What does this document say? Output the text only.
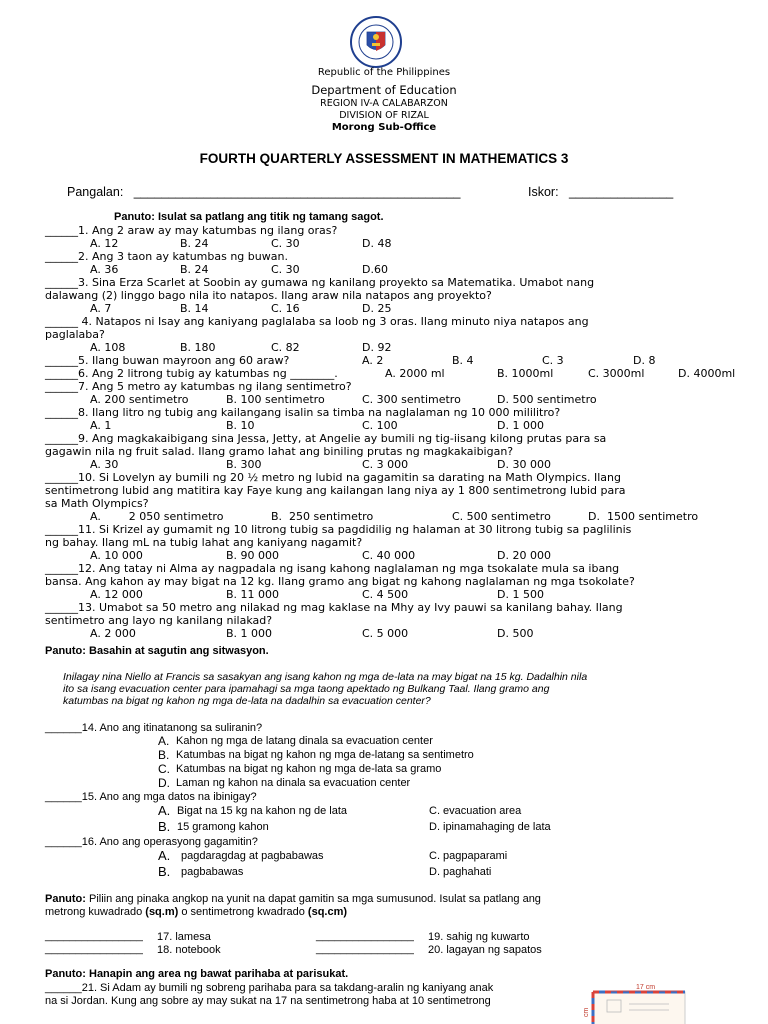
Republic of the Philippines
Department of Education
REGION IV-A CALABARZON
DIVISION OF RIZAL
Morong Sub-Office
FOURTH QUARTERLY ASSESSMENT IN MATHEMATICS 3
Pangalan: _______________________________________________	Iskor: _______________
Panuto: Isulat sa patlang ang titik ng tamang sagot.
______1. Ang 2 araw ay may katumbas ng ilang oras?
A. 12	B. 24	C. 30	D. 48
______2. Ang 3 taon ay katumbas ng buwan.
A. 36	B. 24	C. 30	D.60
______3. Sina Erza Scarlet at Soobin ay gumawa ng kanilang proyekto sa Matematika. Umabot nang
dalawang (2) linggo bago nila ito natapos. Ilang araw nila natapos ang proyekto?
A. 7	B. 14	C. 16	D. 25
______ 4. Natapos ni Isay ang kaniyang paglalaba sa loob ng 3 oras. Ilang minuto niya natapos ang
paglalaba?
A. 108	B. 180	C. 82	D. 92
______5. Ilang buwan mayroon ang 60 araw?	A. 2	B. 4	C. 3	D. 8
______6. Ang 2 litrong tubig ay katumbas ng ________.	A. 2000 ml	B. 1000ml	C. 3000ml	D. 4000ml
______7. Ang 5 metro ay katumbas ng ilang sentimetro?
A. 200 sentimetro	B. 100 sentimetro	C. 300 sentimetro	D. 500 sentimetro
______8. Ilang litro ng tubig ang kailangang isalin sa timba na naglalaman ng 10 000 mililitro?
A. 1	B. 10	C. 100	D. 1 000
______9. Ang magkakaibigang sina Jessa, Jetty, at Angelie ay bumili ng tig-iisang kilong prutas para sa
gagawin nila ng fruit salad. Ilang gramo lahat ang biniling prutas ng magkakaibigan?
A. 30	B. 300	C. 3 000	D. 30 000
______10. Si Lovelyn ay bumili ng 20 ½ metro ng lubid na gagamitin sa darating na Math Olympics. Ilang
sentimetrong lubid ang matitira kay Faye kung ang kailangan lang niya ay 1 800 sentimetrong lubid para
sa Math Olympics?
A.        2 050 sentimetro	B.  250 sentimetro	C. 500 sentimetro	D.  1500 sentimetro
______11. Si Krizel ay gumamit ng 10 litrong tubig sa pagdidilig ng halaman at 30 litrong tubig sa paglilinis
ng bahay. Ilang mL na tubig lahat ang kaniyang nagamit?
A. 10 000	B. 90 000	C. 40 000	D. 20 000
______12. Ang tatay ni Alma ay nagpadala ng isang kahong naglalaman ng mga tsokalate mula sa ibang
bansa. Ang kahon ay may bigat na 12 kg. Ilang gramo ang bigat ng kahong naglalaman ng mga tsokolate?
A. 12 000	B. 11 000	C. 4 500	D. 1 500
______13. Umabot sa 50 metro ang nilakad ng mag kaklase na Mhy ay Ivy pauwi sa kanilang bahay. Ilang
sentimetro ang layo ng kanilang nilakad?
A. 2 000	B. 1 000	C. 5 000	D. 500
Panuto: Basahin at sagutin ang sitwasyon.
Inilagay nina Niello at Francis sa sasakyan ang isang kahon ng mga de-lata na may bigat na 15 kg. Dadalhin nila
ito sa isang evacuation center para ipamahagi sa mga taong apektado ng Bulkang Taal. Ilang gramo ang
katumbas na bigat ng kahon ng mga de-lata na dadalhin sa evacuation center?
______14. Ano ang itinatanong sa suliranin?
A. Kahon ng mga de latang dinala sa evacuation center
B. Katumbas na bigat ng kahon ng mga de-latang sa sentimetro
C. Katumbas na bigat ng kahon ng mga de-lata sa gramo
D. Laman ng kahon na dinala sa evacuation center
______15. Ano ang mga datos na ibinigay?
A. Bigat na 15 kg na kahon ng de lata	C. evacuation area
B. 15 gramong kahon	D. ipinamahaging de lata
______16. Ano ang operasyong gagamitin?
A. pagdaragdag at pagbabawas	C. pagpaparami
B. pagbabawas	D. paghahati
Panuto: Piliin ang pinaka angkop na yunit na dapat gamitin sa mga sumusunod. Isulat sa patlang ang
metrong kuwadrado (sq.m) o sentimetrong kwadrado (sq.cm)
________________ 17. lamesa	________________ 19. sahig ng kuwarto
________________ 18. notebook	________________ 20. lagayan ng sapatos
Panuto: Hanapin ang area ng bawat parihaba at parisukat.
______21. Si Adam ay bumili ng sobreng parihaba para sa takdang-aralin ng kaniyang anak
na si Jordan. Kung ang sobre ay may sukat na 17 na sentimetrong haba at 10 sentimetrong
17 cm
cm
